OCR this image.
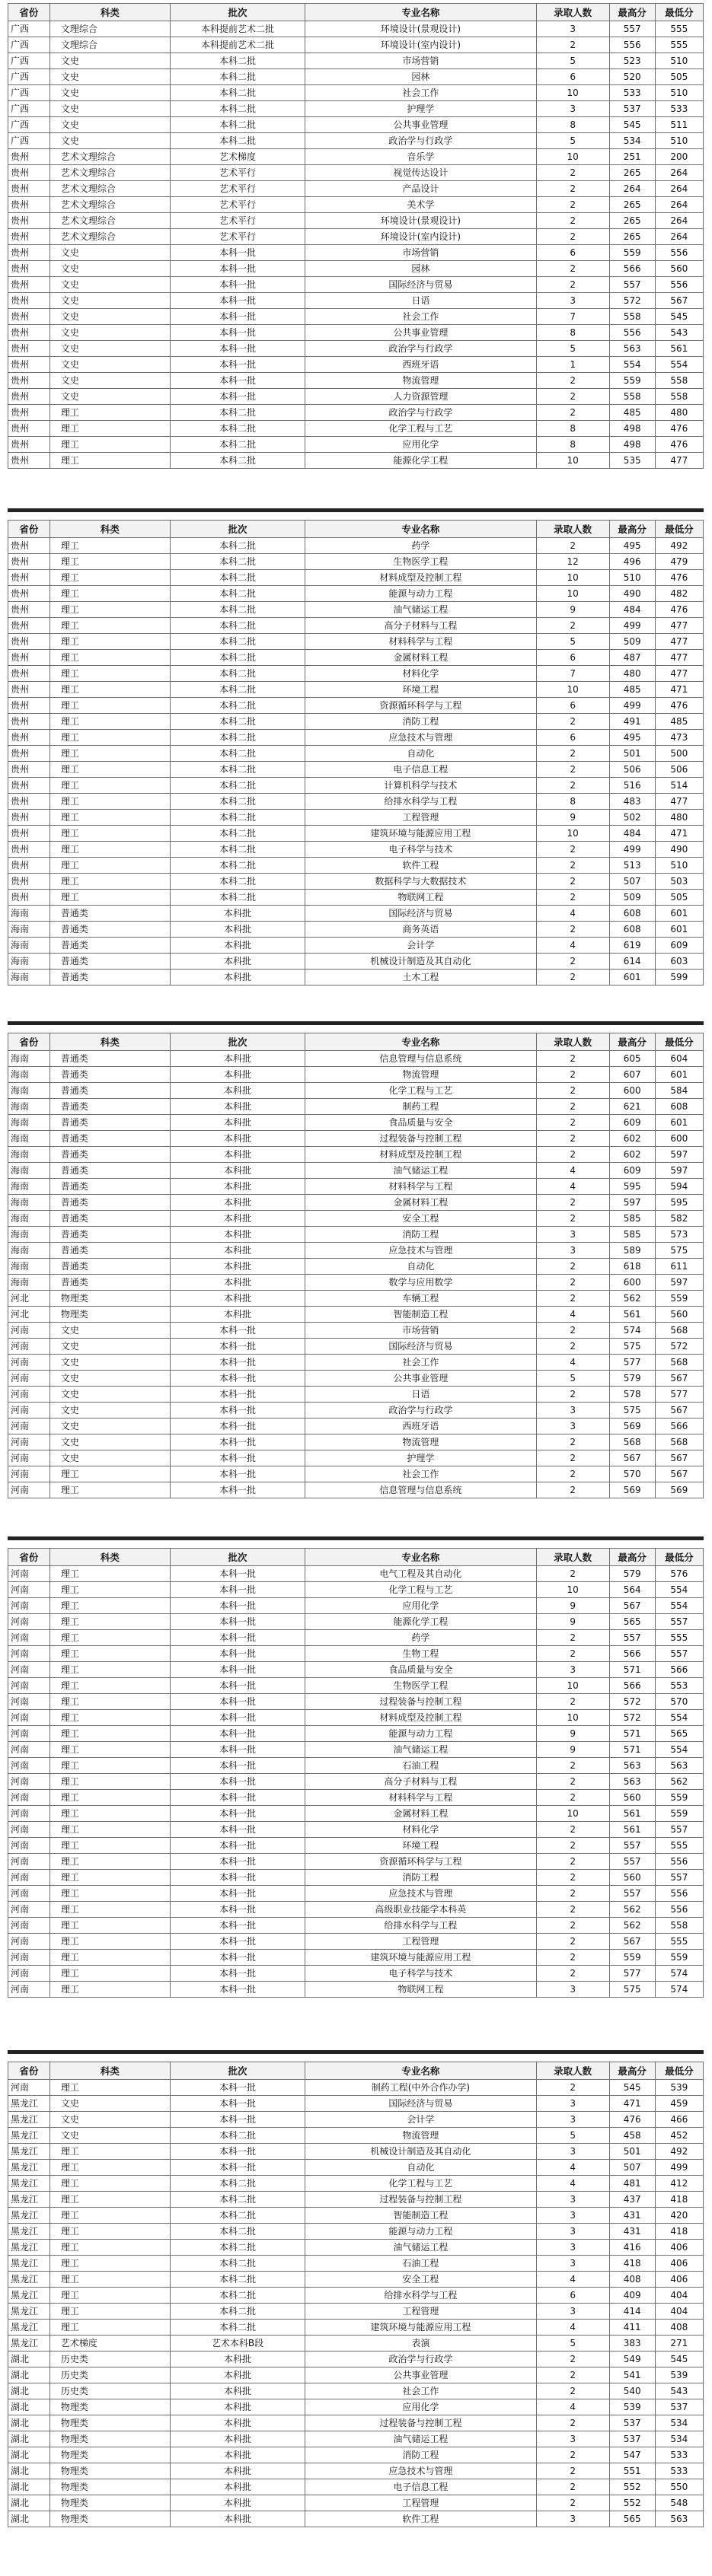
省份	科类	批次	专业名称	录取人数	最高分	最低分
广西	文理综合	本科提前艺术二批	环境设计(景观设计)	3	557	555
广西	文理综合	本科提前艺术二批	环境设计(室内设计)	2	556	555
广西	文史	本科二批	市场营销	5	523	510
广西	文史	本科二批	园林	6	520	505
广西	文史	本科二批	社会工作	10	533	510
广西	文史	本科二批	护理学	3	537	533
广西	文史	本科二批	公共事业管理	8	545	511
广西	文史	本科二批	政治学与行政学	5	534	510
贵州	艺术文理综合	艺术梯度	音乐学	10	251	200
贵州	艺术文理综合	艺术平行	视觉传达设计	2	265	264
贵州	艺术文理综合	艺术平行	产品设计	2	264	264
贵州	艺术文理综合	艺术平行	美术学	2	265	264
贵州	艺术文理综合	艺术平行	环境设计(景观设计)	2	265	264
贵州	艺术文理综合	艺术平行	环境设计(室内设计)	2	265	264
贵州	文史	本科一批	市场营销	6	559	556
贵州	文史	本科一批	园林	2	566	560
贵州	文史	本科一批	国际经济与贸易	2	557	556
贵州	文史	本科一批	日语	3	572	567
贵州	文史	本科一批	社会工作	7	558	545
贵州	文史	本科一批	公共事业管理	8	556	543
贵州	文史	本科一批	政治学与行政学	5	563	561
贵州	文史	本科一批	西班牙语	1	554	554
贵州	文史	本科一批	物流管理	2	559	558
贵州	文史	本科一批	人力资源管理	2	558	558
贵州	理工	本科二批	政治学与行政学	2	485	480
贵州	理工	本科二批	化学工程与工艺	8	498	476
贵州	理工	本科二批	应用化学	8	498	476
贵州	理工	本科二批	能源化学工程	10	535	477
省份	科类	批次	专业名称	录取人数	最高分	最低分
贵州	理工	本科二批	药学	2	495	492
贵州	理工	本科二批	生物医学工程	12	496	479
贵州	理工	本科二批	材料成型及控制工程	10	510	476
贵州	理工	本科二批	能源与动力工程	10	490	482
贵州	理工	本科二批	油气储运工程	9	484	476
贵州	理工	本科二批	高分子材料与工程	2	499	477
贵州	理工	本科二批	材料科学与工程	5	509	477
贵州	理工	本科二批	金属材料工程	6	487	477
贵州	理工	本科二批	材料化学	7	480	477
贵州	理工	本科二批	环境工程	10	485	471
贵州	理工	本科二批	资源循环科学与工程	6	499	476
贵州	理工	本科二批	消防工程	2	491	485
贵州	理工	本科二批	应急技术与管理	6	495	473
贵州	理工	本科二批	自动化	2	501	500
贵州	理工	本科二批	电子信息工程	2	506	506
贵州	理工	本科二批	计算机科学与技术	2	516	514
贵州	理工	本科二批	给排水科学与工程	8	483	477
贵州	理工	本科二批	工程管理	9	502	480
贵州	理工	本科二批	建筑环境与能源应用工程	10	484	471
贵州	理工	本科二批	电子科学与技术	2	499	490
贵州	理工	本科二批	软件工程	2	513	510
贵州	理工	本科二批	数据科学与大数据技术	2	507	503
贵州	理工	本科二批	物联网工程	2	509	505
海南	普通类	本科批	国际经济与贸易	4	608	601
海南	普通类	本科批	商务英语	2	608	601
海南	普通类	本科批	会计学	4	619	609
海南	普通类	本科批	机械设计制造及其自动化	2	614	603
海南	普通类	本科批	土木工程	2	601	599
省份	科类	批次	专业名称	录取人数	最高分	最低分
海南	普通类	本科批	信息管理与信息系统	2	605	604
海南	普通类	本科批	物流管理	2	607	601
海南	普通类	本科批	化学工程与工艺	2	600	584
海南	普通类	本科批	制药工程	2	621	608
海南	普通类	本科批	食品质量与安全	2	609	601
海南	普通类	本科批	过程装备与控制工程	2	602	600
海南	普通类	本科批	材料成型及控制工程	2	602	597
海南	普通类	本科批	油气储运工程	4	609	597
海南	普通类	本科批	材料科学与工程	4	595	594
海南	普通类	本科批	金属材料工程	2	597	595
海南	普通类	本科批	安全工程	2	585	582
海南	普通类	本科批	消防工程	3	585	573
海南	普通类	本科批	应急技术与管理	3	589	575
海南	普通类	本科批	自动化	2	618	611
海南	普通类	本科批	数学与应用数学	2	600	597
河北	物理类	本科批	车辆工程	2	562	559
河北	物理类	本科批	智能制造工程	4	561	560
河南	文史	本科一批	市场营销	2	574	568
河南	文史	本科一批	国际经济与贸易	2	575	572
河南	文史	本科一批	社会工作	4	577	568
河南	文史	本科一批	公共事业管理	5	579	567
河南	文史	本科一批	日语	2	578	577
河南	文史	本科一批	政治学与行政学	3	575	567
河南	文史	本科一批	西班牙语	3	569	566
河南	文史	本科一批	物流管理	2	568	568
河南	文史	本科一批	护理学	2	567	567
河南	理工	本科一批	社会工作	2	570	567
河南	理工	本科一批	信息管理与信息系统	2	569	569
省份	科类	批次	专业名称	录取人数	最高分	最低分
河南	理工	本科一批	电气工程及其自动化	2	579	576
河南	理工	本科一批	化学工程与工艺	10	564	554
河南	理工	本科一批	应用化学	9	567	554
河南	理工	本科一批	能源化学工程	9	565	557
河南	理工	本科一批	药学	2	557	555
河南	理工	本科一批	生物工程	2	566	557
河南	理工	本科一批	食品质量与安全	3	571	566
河南	理工	本科一批	生物医学工程	10	566	553
河南	理工	本科一批	过程装备与控制工程	2	572	570
河南	理工	本科一批	材料成型及控制工程	10	572	554
河南	理工	本科一批	能源与动力工程	9	571	565
河南	理工	本科一批	油气储运工程	9	571	554
河南	理工	本科一批	石油工程	2	563	563
河南	理工	本科一批	高分子材料与工程	2	563	562
河南	理工	本科一批	材料科学与工程	2	560	559
河南	理工	本科一批	金属材料工程	10	561	559
河南	理工	本科一批	材料化学	2	561	557
河南	理工	本科一批	环境工程	2	557	555
河南	理工	本科一批	资源循环科学与工程	2	557	556
河南	理工	本科一批	消防工程	2	560	557
河南	理工	本科一批	应急技术与管理	2	557	556
河南	理工	本科一批	高级职业技能学本科英	2	562	556
河南	理工	本科一批	给排水科学与工程	2	562	558
河南	理工	本科一批	工程管理	2	567	555
河南	理工	本科一批	建筑环境与能源应用工程	2	559	559
河南	理工	本科一批	电子科学与技术	2	577	574
河南	理工	本科一批	物联网工程	3	575	574
省份	科类	批次	专业名称	录取人数	最高分	最低分
河南	理工	本科一批	制药工程(中外合作办学)	2	545	539
黑龙江	文史	本科一批	国际经济与贸易	3	471	459
黑龙江	文史	本科一批	会计学	3	476	466
黑龙江	文史	本科二批	物流管理	5	458	452
黑龙江	理工	本科一批	机械设计制造及其自动化	3	501	492
黑龙江	理工	本科一批	自动化	4	507	499
黑龙江	理工	本科二批	化学工程与工艺	4	481	412
黑龙江	理工	本科二批	过程装备与控制工程	3	437	418
黑龙江	理工	本科二批	智能制造工程	3	431	420
黑龙江	理工	本科二批	能源与动力工程	3	431	418
黑龙江	理工	本科二批	油气储运工程	3	416	406
黑龙江	理工	本科二批	石油工程	3	418	406
黑龙江	理工	本科二批	安全工程	4	408	406
黑龙江	理工	本科二批	给排水科学与工程	6	409	404
黑龙江	理工	本科二批	工程管理	3	414	404
黑龙江	理工	本科二批	建筑环境与能源应用工程	4	411	408
黑龙江	艺术梯度	艺术本科B段	表演	5	383	271
湖北	历史类	本科批	政治学与行政学	2	549	545
湖北	历史类	本科批	公共事业管理	2	541	539
湖北	历史类	本科批	社会工作	2	540	543
湖北	物理类	本科批	应用化学	4	539	537
湖北	物理类	本科批	过程装备与控制工程	2	537	534
湖北	物理类	本科批	油气储运工程	3	537	534
湖北	物理类	本科批	消防工程	2	547	533
湖北	物理类	本科批	应急技术与管理	2	551	533
湖北	物理类	本科批	电子信息工程	2	552	550
湖北	物理类	本科批	工程管理	2	552	548
湖北	物理类	本科批	软件工程	3	565	563
